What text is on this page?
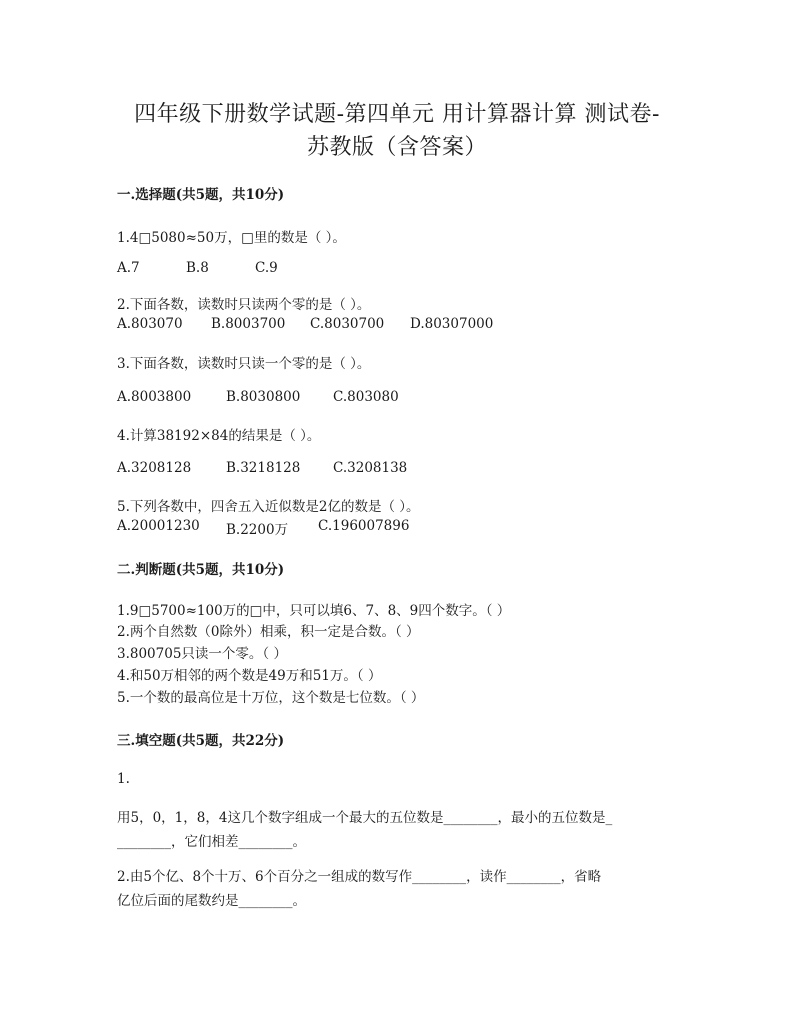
四年级下册数学试题-第四单元 用计算器计算 测试卷-
苏教版（含答案）
一.选择题(共5题，共10分)
1.4□5080≈50万，□里的数是（ ）。
A.7	B.8	C.9
2.下面各数，读数时只读两个零的是（ ）。
A.803070 B.8003700 C.8030700 D.80307000
3.下面各数，读数时只读一个零的是（ ）。
A.8003800	B.8030800 C.803080
4.计算38192×84的结果是（ ）。
A.3208128	B.3218128 C.3208138
5.下列各数中，四舍五入近似数是2亿的数是（ ）。
A.20001230 B.2200万 C.196007896
二.判断题(共5题，共10分)
1.9□5700≈100万的□中，只可以填6、7、8、9四个数字。（ ）
2.两个自然数（0除外）相乘，积一定是合数。（ ）
3.800705只读一个零。（ ）
4.和50万相邻的两个数是49万和51万。（ ）
5.一个数的最高位是十万位，这个数是七位数。（ ）
三.填空题(共5题，共22分)
1.
用5，0，1，8，4这几个数字组成一个最大的五位数是________，最小的五位数是_
________，它们相差________。
2.由5个亿、8个十万、6个百分之一组成的数写作________，读作________，省略
亿位后面的尾数约是________。
